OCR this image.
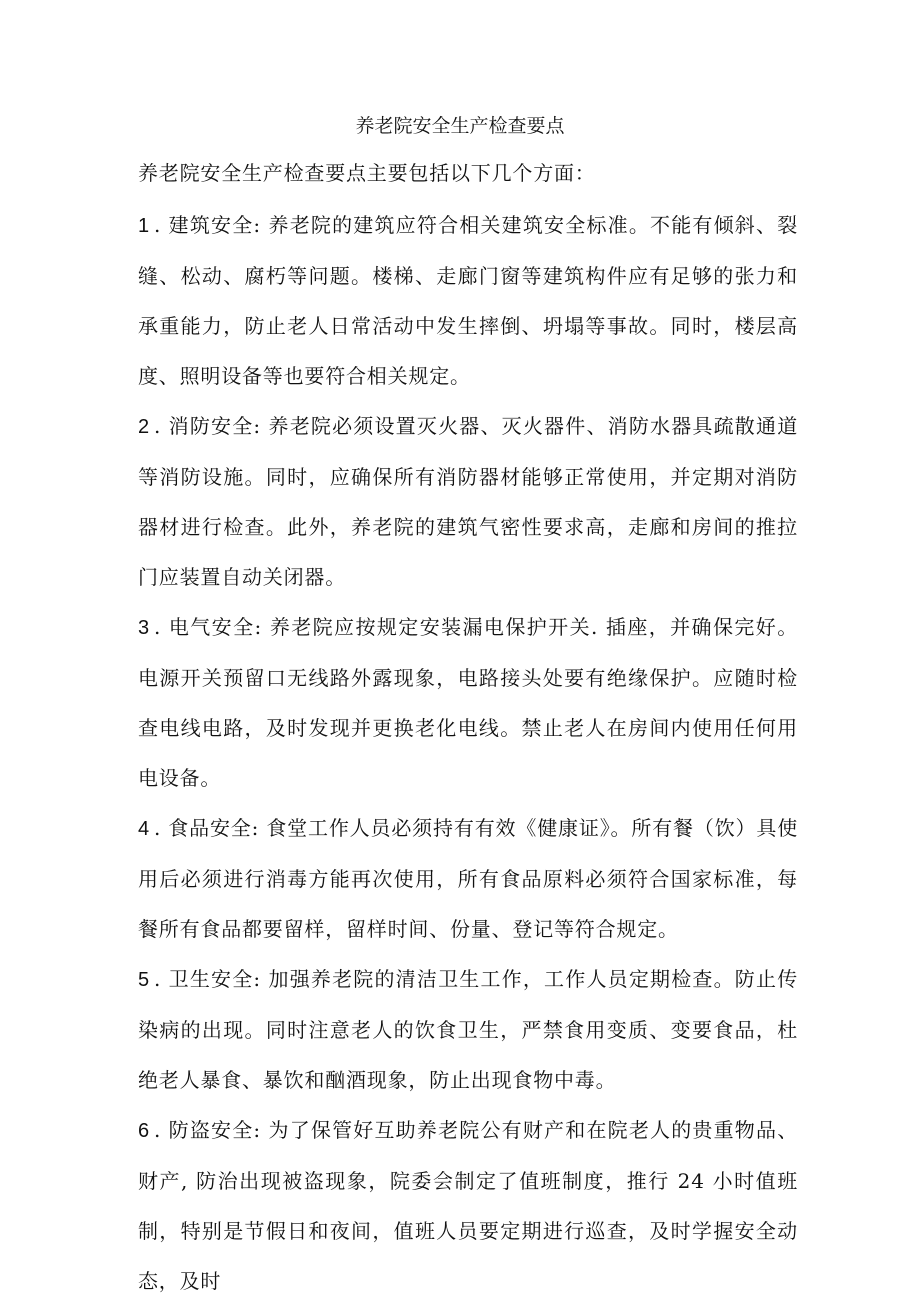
养老院安全生产检查要点
养老院安全生产检查要点主要包括以下几个方面：

1 . 建筑安全: 养老院的建筑应符合相关建筑安全标准。不能有倾斜、裂缝、松动、腐朽等问题。楼梯、走廊门窗等建筑构件应有足够的张力和承重能力，防止老人日常活动中发生摔倒、坍塌等事故。同时，楼层高度、照明设备等也要符合相关规定。

2 . 消防安全: 养老院必须设置灭火器、灭火器件、消防水器具疏散通道等消防设施。同时，应确保所有消防器材能够正常使用，并定期对消防器材进行检查。此外，养老院的建筑气密性要求高，走廊和房间的推拉门应装置自动关闭器。

3 . 电气安全: 养老院应按规定安装漏电保护开关. 插座，并确保完好。电源开关预留口无线路外露现象，电路接头处要有绝缘保护。应随时检查电线电路，及时发现并更换老化电线。禁止老人在房间内使用任何用电设备。

4 . 食品安全: 食堂工作人员必须持有有效《健康证》。所有餐（饮）具使用后必须进行消毒方能再次使用，所有食品原料必须符合国家标准，每餐所有食品都要留样，留样时间、份量、登记等符合规定。

5 . 卫生安全: 加强养老院的清洁卫生工作，工作人员定期检查。防止传染病的出现。同时注意老人的饮食卫生，严禁食用变质、变要食品，杜绝老人暴食、暴饮和酗酒现象，防止出现食物中毒。

6 . 防盗安全: 为了保管好互助养老院公有财产和在院老人的贵重物品、财产, 防治出现被盗现象，院委会制定了值班制度，推行 24 小时值班制，特别是节假日和夜间，值班人员要定期进行巡查，及时学握安全动态，及时
